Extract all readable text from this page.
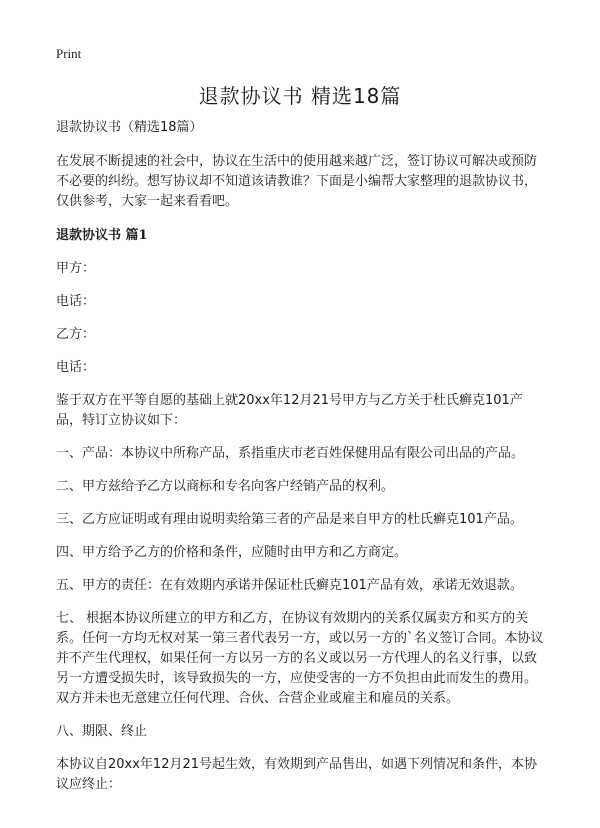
Print
退款协议书 精选18篇

退款协议书（精选18篇）

在发展不断提速的社会中，协议在生活中的使用越来越广泛，签订协议可解决或预防不必要的纠纷。想写协议却不知道该请教谁？下面是小编帮大家整理的退款协议书，仅供参考，大家一起来看看吧。

退款协议书 篇1

甲方：

电话：

乙方：

电话：

鉴于双方在平等自愿的基础上就20xx年12月21号甲方与乙方关于杜氏癣克101产品，特订立协议如下：

一、产品：本协议中所称产品，系指重庆市老百姓保健用品有限公司出品的产品。

二、甲方兹给予乙方以商标和专名向客户经销产品的权利。

三、乙方应证明或有理由说明卖给第三者的产品是来自甲方的杜氏癣克101产品。

四、甲方给予乙方的价格和条件，应随时由甲方和乙方商定。

五、甲方的责任：在有效期内承诺并保证杜氏癣克101产品有效，承诺无效退款。

七、 根据本协议所建立的甲方和乙方，在协议有效期内的关系仅属卖方和买方的关系。任何一方均无权对某一第三者代表另一方，或以另一方的`名义签订合同。本协议并不产生代理权，如果任何一方以另一方的名义或以另一方代理人的名义行事，以致另一方遭受损失时，该导致损失的一方，应使受害的一方不负担由此而发生的费用。双方并未也无意建立任何代理、合伙、合营企业或雇主和雇员的关系。

八、期限、终止

本协议自20xx年12月21号起生效，有效期到产品售出，如遇下列情况和条件，本协议应终止：
